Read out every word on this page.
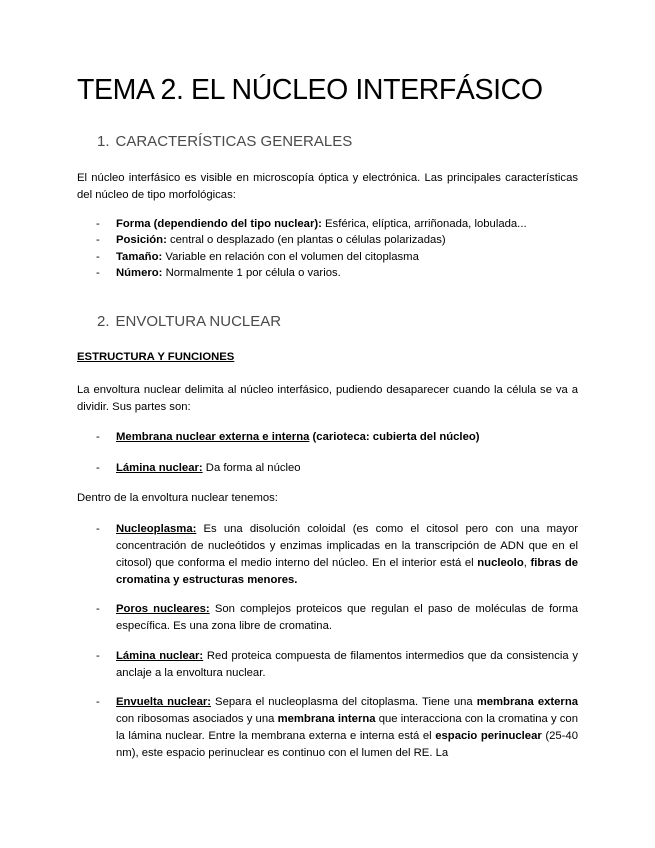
TEMA 2. EL NÚCLEO INTERFÁSICO
1. CARACTERÍSTICAS GENERALES

El núcleo interfásico es visible en microscopía óptica y electrónica. Las principales características del núcleo de tipo morfológicas:

- Forma (dependiendo del tipo nuclear): Esférica, elíptica, arriñonada, lobulada...
- Posición: central o desplazado (en plantas o células polarizadas)
- Tamaño: Variable en relación con el volumen del citoplasma
- Número: Normalmente 1 por célula o varios.
2. ENVOLTURA NUCLEAR

ESTRUCTURA Y FUNCIONES

La envoltura nuclear delimita al núcleo interfásico, pudiendo desaparecer cuando la célula se va a dividir. Sus partes son:

- Membrana nuclear externa e interna (carioteca: cubierta del núcleo)
- Lámina nuclear: Da forma al núcleo

Dentro de la envoltura nuclear tenemos:

- Nucleoplasma: Es una disolución coloidal (es como el citosol pero con una mayor concentración de nucleótidos y enzimas implicadas en la transcripción de ADN que en el citosol) que conforma el medio interno del núcleo. En el interior está el nucleolo, fibras de cromatina y estructuras menores.
- Poros nucleares: Son complejos proteicos que regulan el paso de moléculas de forma específica. Es una zona libre de cromatina.
- Lámina nuclear: Red proteica compuesta de filamentos intermedios que da consistencia y anclaje a la envoltura nuclear.
- Envuelta nuclear: Separa el nucleoplasma del citoplasma. Tiene una membrana externa con ribosomas asociados y una membrana interna que interacciona con la cromatina y con la lámina nuclear. Entre la membrana externa e interna está el espacio perinuclear (25-40 nm), este espacio perinuclear es continuo con el lumen del RE. La
